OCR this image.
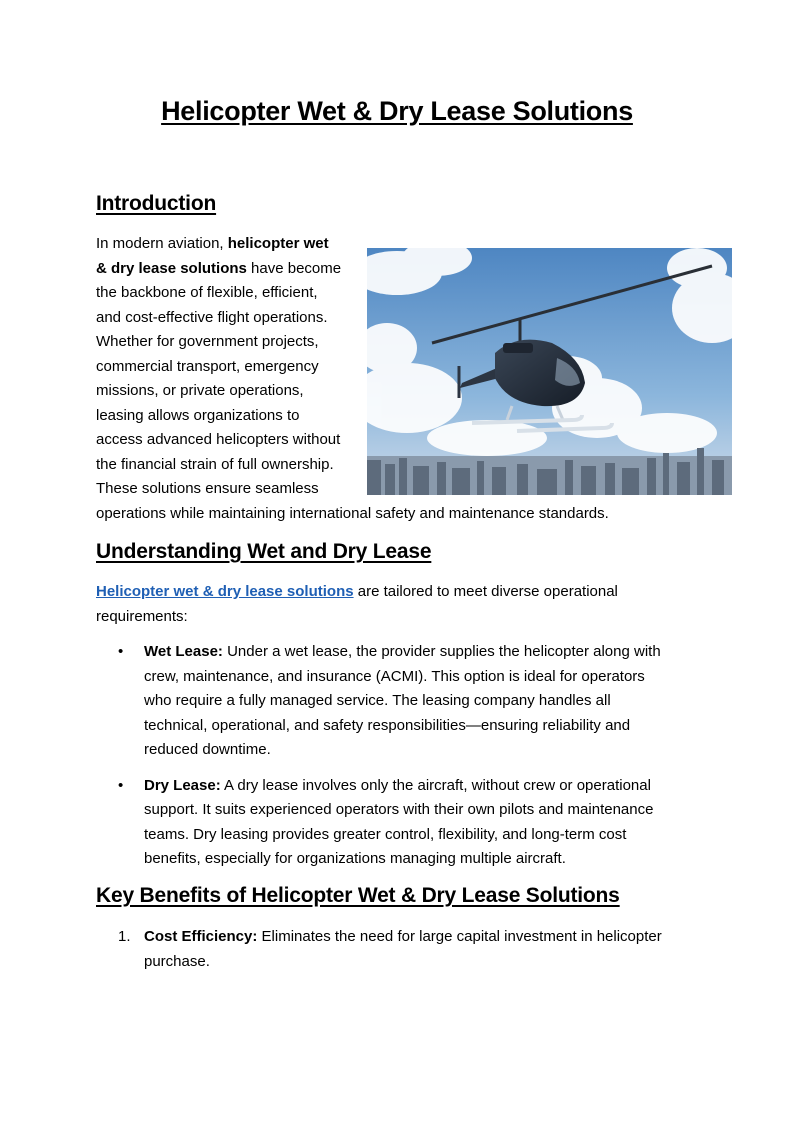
Helicopter Wet & Dry Lease Solutions
Introduction

In modern aviation, helicopter wet
& dry lease solutions have become
the backbone of flexible, efficient,
and cost-effective flight operations.
Whether for government projects,
commercial transport, emergency
missions, or private operations,
leasing allows organizations to
access advanced helicopters without
the financial strain of full ownership.
These solutions ensure seamless
operations while maintaining international safety and maintenance standards.

Understanding Wet and Dry Lease

Helicopter wet & dry lease solutions are tailored to meet diverse operational
requirements:

• Wet Lease: Under a wet lease, the provider supplies the helicopter along with
crew, maintenance, and insurance (ACMI). This option is ideal for operators
who require a fully managed service. The leasing company handles all
technical, operational, and safety responsibilities—ensuring reliability and
reduced downtime.

• Dry Lease: A dry lease involves only the aircraft, without crew or operational
support. It suits experienced operators with their own pilots and maintenance
teams. Dry leasing provides greater control, flexibility, and long-term cost
benefits, especially for organizations managing multiple aircraft.

Key Benefits of Helicopter Wet & Dry Lease Solutions
1. Cost Efficiency: Eliminates the need for large capital investment in helicopter
purchase.
